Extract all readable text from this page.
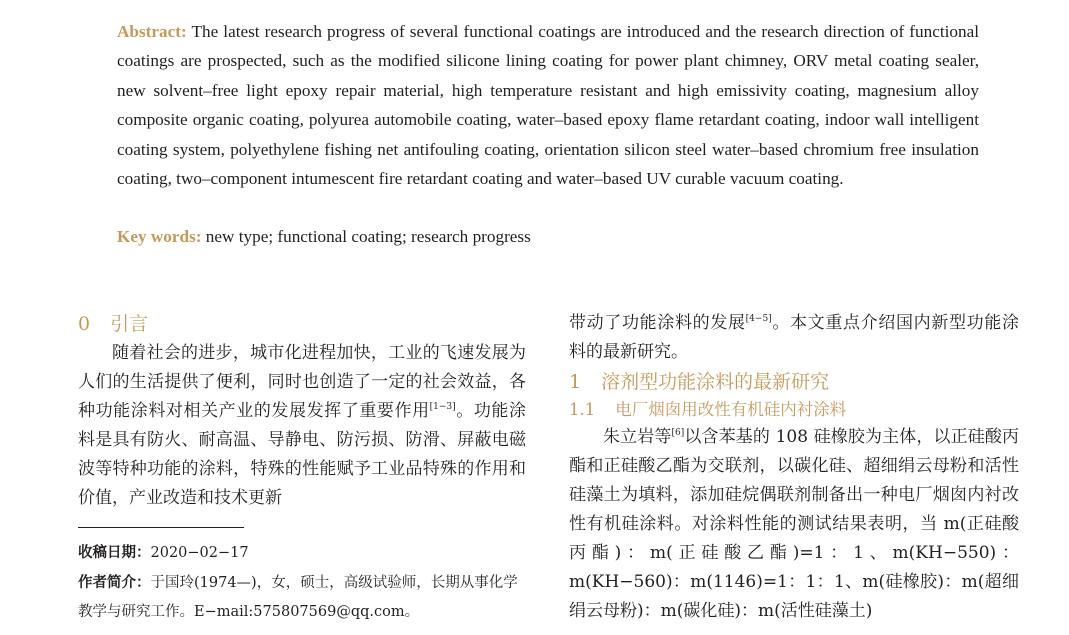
Abstract: The latest research progress of several functional coatings are introduced and the research direction of functional coatings are prospected, such as the modified silicone lining coating for power plant chimney, ORV metal coating sealer, new solvent–free light epoxy repair material, high temperature resistant and high emissivity coating, magnesium alloy composite organic coating, polyurea automobile coating, water–based epoxy flame retardant coating, indoor wall intelligent coating system, polyethylene fishing net antifouling coating, orientation silicon steel water–based chromium free insulation coating, two–component intumescent fire retardant coating and water–based UV curable vacuum coating.
Key words: new type; functional coating; research progress
0 引言
随着社会的进步，城市化进程加快，工业的飞速发展为人们的生活提供了便利，同时也创造了一定的社会效益，各种功能涂料对相关产业的发展发挥了重要作用[1−3]。功能涂料是具有防火、耐高温、导静电、防污损、防滑、屏蔽电磁波等特种功能的涂料，特殊的性能赋予工业品特殊的作用和价值，产业改造和技术更新
收稿日期：2020−02−17
作者简介：于国玲(1974—)，女，硕士，高级试验师，长期从事化学教学与研究工作。E−mail:575807569@qq.com。
带动了功能涂料的发展[4−5]。本文重点介绍国内新型功能涂料的最新研究。
1 溶剂型功能涂料的最新研究
1.1 电厂烟囱用改性有机硅内衬涂料
朱立岩等[6]以含苯基的 108 硅橡胶为主体，以正硅酸丙酯和正硅酸乙酯为交联剂，以碳化硅、超细绢云母粉和活性硅藻土为填料，添加硅烷偶联剂制备出一种电厂烟囱内衬改性有机硅涂料。对涂料性能的测试结果表明，当 m(正硅酸丙酯)：m(正硅酸乙酯)=1：1、m(KH−550)：m(KH−560)：m(1146)=1：1：1、m(硅橡胶)：m(超细绢云母粉)：m(碳化硅)：m(活性硅藻土)
